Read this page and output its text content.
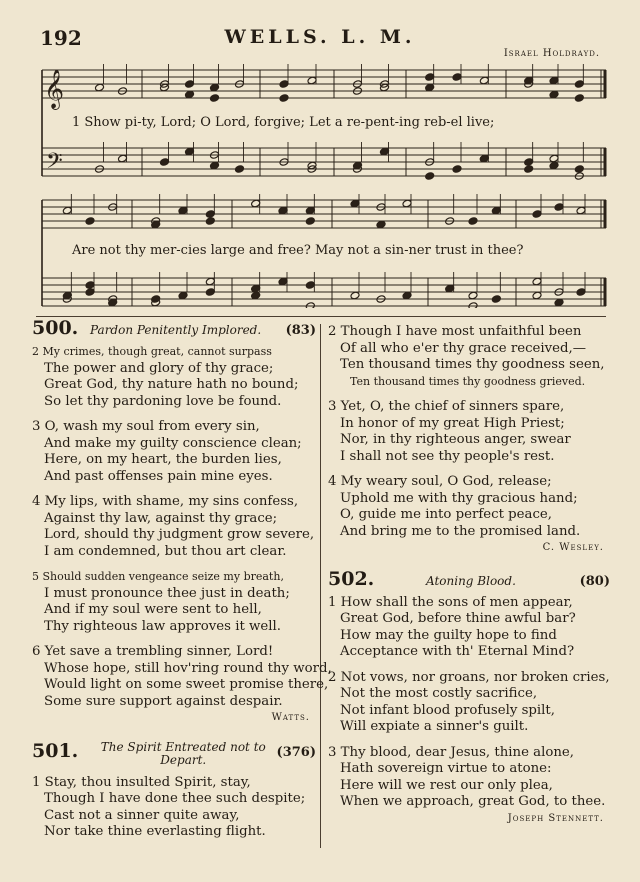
192	WELLS. L. M.
Israel Holdrayd.
𝄞
𝄢
1 Show pi-ty, Lord; O Lord, forgive; Let a re-pent-ing reb-el live;
Are not thy mer-cies large and free? May not a sin-ner trust in thee?
500. Pardon Penitently Implored.	(83)
2 My crimes, though great, cannot surpass
The power and glory of thy grace;
Great God, thy nature hath no bound;
So let thy pardoning love be found.
3 O, wash my soul from every sin,
And make my guilty conscience clean;
Here, on my heart, the burden lies,
And past offenses pain mine eyes.
4 My lips, with shame, my sins confess,
Against thy law, against thy grace;
Lord, should thy judgment grow severe,
I am condemned, but thou art clear.
5 Should sudden vengeance seize my breath,
I must pronounce thee just in death;
And if my soul were sent to hell,
Thy righteous law approves it well.
6 Yet save a trembling sinner, Lord!
Whose hope, still hov'ring round thy word,
Would light on some sweet promise there,
Some sure support against despair.
Watts.
501.	The Spirit Entreated not to
Depart.	(376)
1 Stay, thou insulted Spirit, stay,
Though I have done thee such despite;
Cast not a sinner quite away,
Nor take thine everlasting flight.
2 Though I have most unfaithful been
Of all who e'er thy grace received,—
Ten thousand times thy goodness seen,
Ten thousand times thy goodness grieved.
3 Yet, O, the chief of sinners spare,
In honor of my great High Priest;
Nor, in thy righteous anger, swear
I shall not see thy people's rest.
4 My weary soul, O God, release;
Uphold me with thy gracious hand;
O, guide me into perfect peace,
And bring me to the promised land.
C. Wesley.
502.	Atoning Blood.	(80)
1 How shall the sons of men appear,
Great God, before thine awful bar?
How may the guilty hope to find
Acceptance with th' Eternal Mind?
2 Not vows, nor groans, nor broken cries,
Not the most costly sacrifice,
Not infant blood profusely spilt,
Will expiate a sinner's guilt.
3 Thy blood, dear Jesus, thine alone,
Hath sovereign virtue to atone:
Here will we rest our only plea,
When we approach, great God, to thee.
Joseph Stennett.
